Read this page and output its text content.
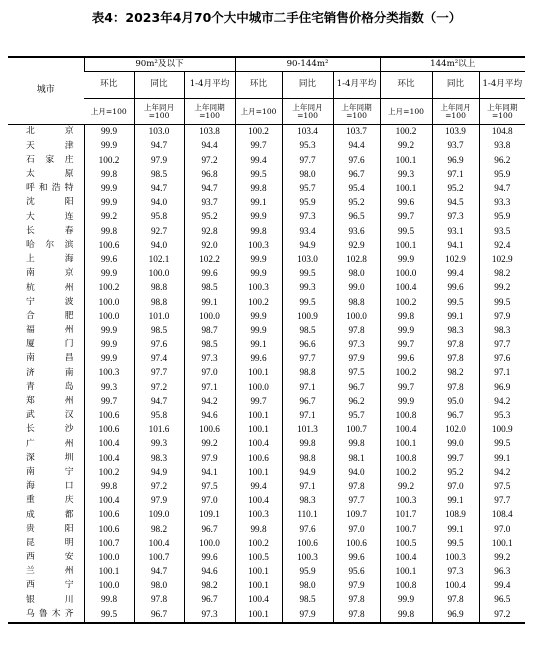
表4：2023年4月70个大中城市二手住宅销售价格分类指数（一）
城市	90m²及以下			90-144m²			144m²以上		
	环比	同比	1-4月平均	环比	同比	1-4月平均	环比	同比	1-4月平均
	上月=100	上年同月=100	上年同期=100	上月=100	上年同月=100	上年同期=100	上月=100	上年同月=100	上年同期=100
北京	99.9	103.0	103.8	100.2	103.4	103.7	100.2	103.9	104.8
天津	99.9	94.7	94.4	99.7	95.3	94.4	99.2	93.7	93.8
石家庄	100.2	97.9	97.2	99.4	97.7	97.6	100.1	96.9	96.2
太原	99.8	98.5	96.8	99.5	98.0	96.7	99.3	97.1	95.9
呼和浩特	99.9	94.7	94.7	99.8	95.7	95.4	100.1	95.2	94.7
沈阳	99.9	94.0	93.7	99.1	95.9	95.2	99.6	94.5	93.3
大连	99.2	95.8	95.2	99.9	97.3	96.5	99.7	97.3	95.9
长春	99.8	92.7	92.8	99.8	93.4	93.6	99.5	93.1	93.5
哈尔滨	100.6	94.0	92.0	100.3	94.9	92.9	100.1	94.1	92.4
上海	99.6	102.1	102.2	99.9	103.0	102.8	99.9	102.9	102.9
南京	99.9	100.0	99.6	99.9	99.5	98.0	100.0	99.4	98.2
杭州	100.2	98.8	98.5	100.3	99.3	99.0	100.4	99.6	99.2
宁波	100.0	98.8	99.1	100.2	99.5	98.8	100.2	99.5	99.5
合肥	100.0	101.0	100.0	99.9	100.9	100.0	99.8	99.1	97.9
福州	99.9	98.5	98.7	99.9	98.5	97.8	99.9	98.3	98.3
厦门	99.9	97.6	98.5	99.1	96.6	97.3	99.7	97.8	97.7
南昌	99.9	97.4	97.3	99.6	97.7	97.9	99.6	97.8	97.6
济南	100.3	97.7	97.0	100.1	98.8	97.5	100.2	98.2	97.1
青岛	99.3	97.2	97.1	100.0	97.1	96.7	99.7	97.8	96.9
郑州	99.7	94.7	94.2	99.7	96.7	96.2	99.9	95.0	94.2
武汉	100.6	95.8	94.6	100.1	97.1	95.7	100.8	96.7	95.3
长沙	100.6	101.6	100.6	100.1	101.3	100.7	100.4	102.0	100.9
广州	100.4	99.3	99.2	100.4	99.8	99.8	100.1	99.0	99.5
深圳	100.4	98.3	97.9	100.6	98.8	98.1	100.8	99.7	99.1
南宁	100.2	94.9	94.1	100.1	94.9	94.0	100.2	95.2	94.2
海口	99.8	97.2	97.5	99.4	97.1	97.8	99.2	97.0	97.5
重庆	100.4	97.9	97.0	100.4	98.3	97.7	100.3	99.1	97.7
成都	100.6	109.0	109.1	100.3	110.1	109.7	101.7	108.9	108.4
贵阳	100.6	98.2	96.7	99.8	97.6	97.0	100.7	99.1	97.0
昆明	100.7	100.4	100.0	100.2	100.6	100.6	100.5	99.5	100.1
西安	100.0	100.7	99.6	100.5	100.3	99.6	100.4	100.3	99.2
兰州	100.1	94.7	94.6	100.1	95.9	95.6	100.1	97.3	96.3
西宁	100.0	98.0	98.2	100.1	98.0	97.9	100.8	100.4	99.4
银川	99.8	97.8	96.7	100.4	98.5	97.8	99.9	97.8	96.5
乌鲁木齐	99.5	96.7	97.3	100.1	97.9	97.8	99.8	96.9	97.2
